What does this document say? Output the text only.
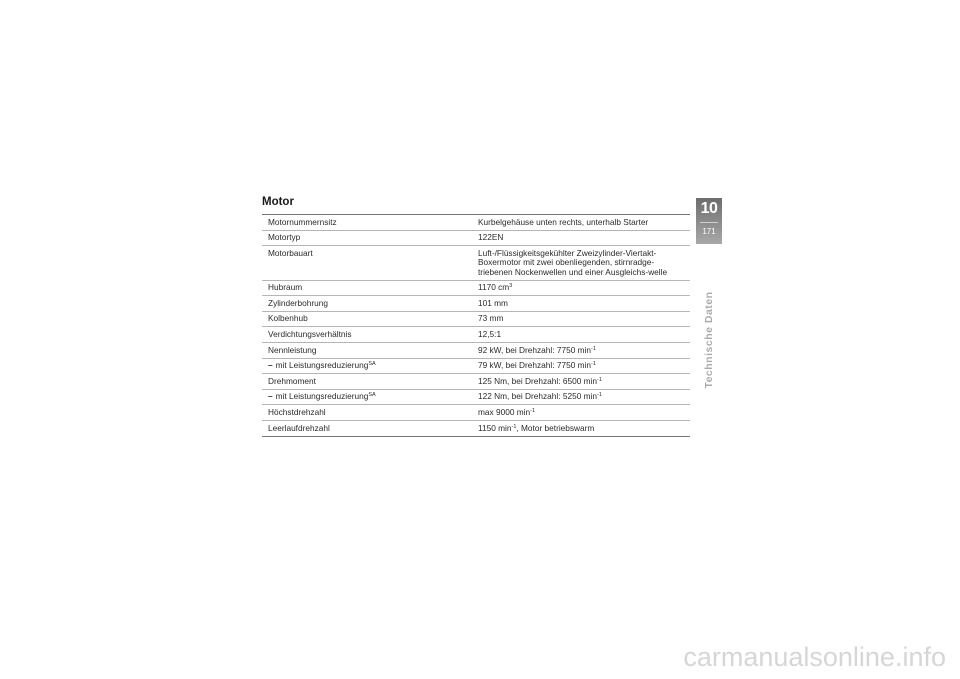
Motor
Motornummernsitz	Kurbelgehäuse unten rechts, unterhalb Starter
Motortyp	122EN
Motorbauart	Luft-/Flüssigkeitsgekühlter Zweizylinder-Viertakt-Boxermotor mit zwei obenliegenden, stirnradge-triebenen Nockenwellen und einer Ausgleichs-welle
Hubraum	1170 $cm^3$
Zylinderbohrung	101 mm
Kolbenhub	73 mm
Verdichtungsverhältnis	12,5:1
Nennleistung	92 kW, bei Drehzahl: 7750 $\min^{-1}$
– mit Leistungsreduzierung$^{SA}$	79 kW, bei Drehzahl: 7750 $\min^{-1}$
Drehmoment	125 Nm, bei Drehzahl: 6500 $\min^{-1}$
– mit Leistungsreduzierung$^{SA}$	122 Nm, bei Drehzahl: 5250 $\min^{-1}$
Höchstdrehzahl	max 9000 $\min^{-1}$
Leerlaufdrehzahl	1150 $\min^{-1}$, Motor betriebswarm
10
171
Technische Daten
carmanualsonline.info
